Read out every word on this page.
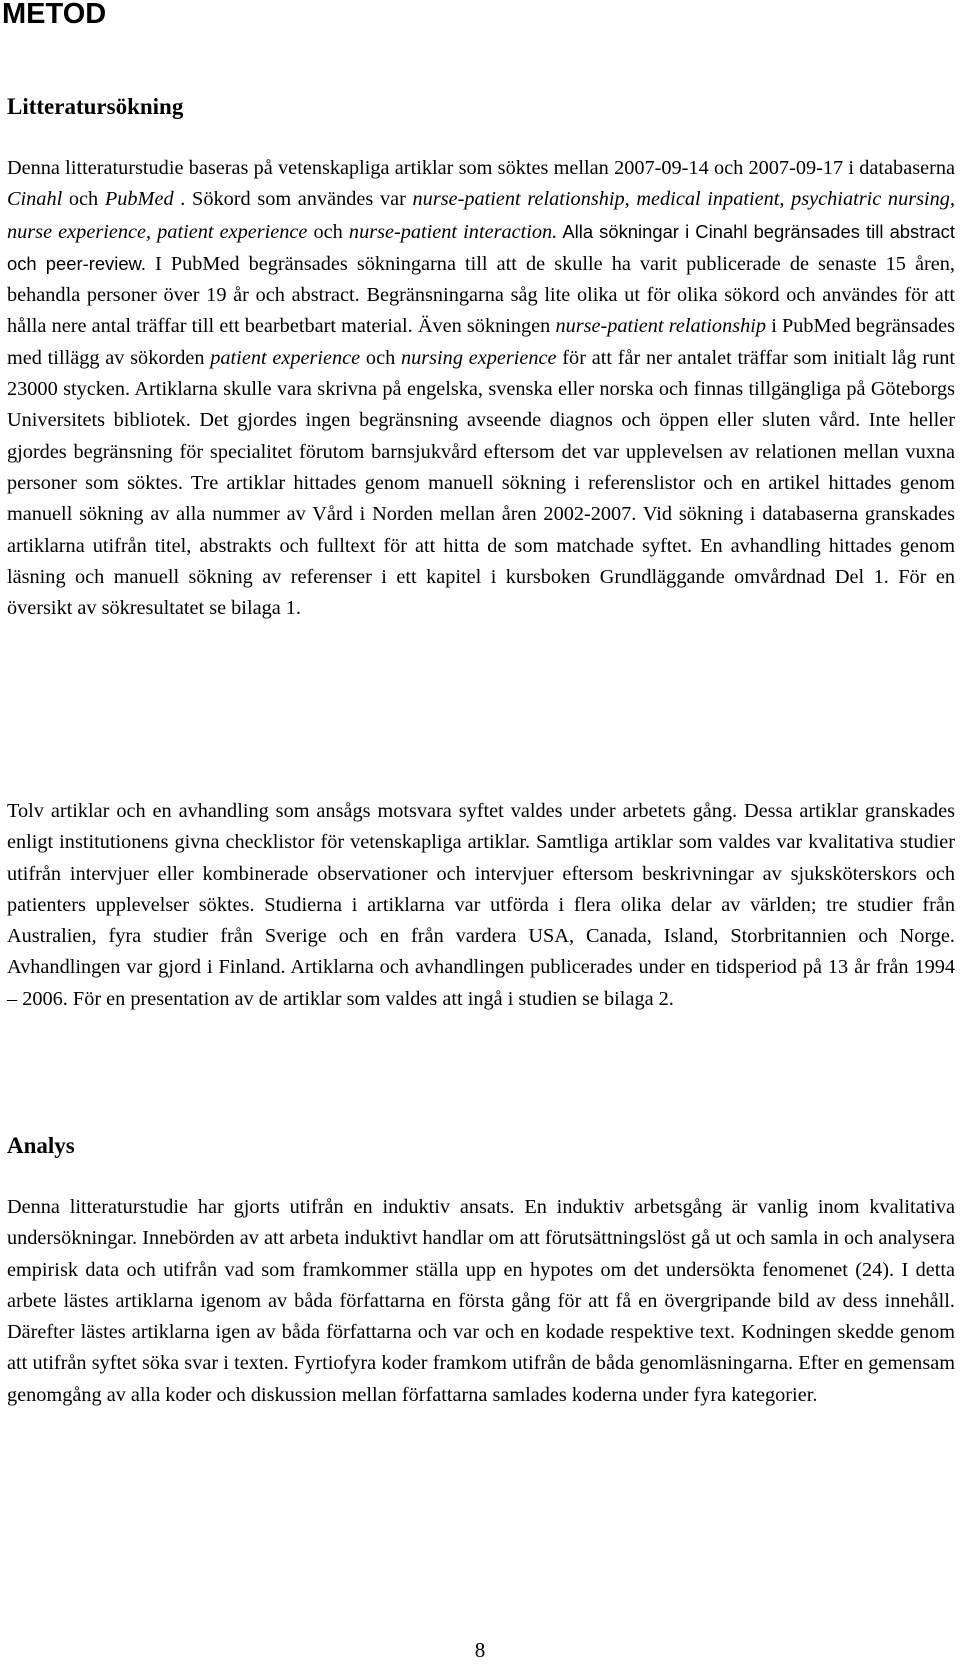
METOD
Litteratursökning

Denna litteraturstudie baseras på vetenskapliga artiklar som söktes mellan 2007-09-14 och 2007-09-17 i databaserna Cinahl och PubMed . Sökord som användes var nurse-patient relationship, medical inpatient, psychiatric nursing, nurse experience, patient experience och nurse-patient interaction. Alla sökningar i Cinahl begränsades till abstract och peer-review. I PubMed begränsades sökningarna till att de skulle ha varit publicerade de senaste 15 åren, behandla personer över 19 år och abstract. Begränsningarna såg lite olika ut för olika sökord och användes för att hålla nere antal träffar till ett bearbetbart material. Även sökningen nurse-patient relationship i PubMed begränsades med tillägg av sökorden patient experience och nursing experience för att får ner antalet träffar som initialt låg runt 23000 stycken. Artiklarna skulle vara skrivna på engelska, svenska eller norska och finnas tillgängliga på Göteborgs Universitets bibliotek. Det gjordes ingen begränsning avseende diagnos och öppen eller sluten vård. Inte heller gjordes begränsning för specialitet förutom barnsjukvård eftersom det var upplevelsen av relationen mellan vuxna personer som söktes. Tre artiklar hittades genom manuell sökning i referenslistor och en artikel hittades genom manuell sökning av alla nummer av Vård i Norden mellan åren 2002-2007. Vid sökning i databaserna granskades artiklarna utifrån titel, abstrakts och fulltext för att hitta de som matchade syftet. En avhandling hittades genom läsning och manuell sökning av referenser i ett kapitel i kursboken Grundläggande omvårdnad Del 1. För en översikt av sökresultatet se bilaga 1.

Tolv artiklar och en avhandling som ansågs motsvara syftet valdes under arbetets gång. Dessa artiklar granskades enligt institutionens givna checklistor för vetenskapliga artiklar. Samtliga artiklar som valdes var kvalitativa studier utifrån intervjuer eller kombinerade observationer och intervjuer eftersom beskrivningar av sjuksköterskors och patienters upplevelser söktes. Studierna i artiklarna var utförda i flera olika delar av världen; tre studier från Australien, fyra studier från Sverige och en från vardera USA, Canada, Island, Storbritannien och Norge. Avhandlingen var gjord i Finland. Artiklarna och avhandlingen publicerades under en tidsperiod på 13 år från 1994 – 2006. För en presentation av de artiklar som valdes att ingå i studien se bilaga 2.

Analys

Denna litteraturstudie har gjorts utifrån en induktiv ansats. En induktiv arbetsgång är vanlig inom kvalitativa undersökningar. Innebörden av att arbeta induktivt handlar om att förutsättningslöst gå ut och samla in och analysera empirisk data och utifrån vad som framkommer ställa upp en hypotes om det undersökta fenomenet (24). I detta arbete lästes artiklarna igenom av båda författarna en första gång för att få en övergripande bild av dess innehåll. Därefter lästes artiklarna igen av båda författarna och var och en kodade respektive text. Kodningen skedde genom att utifrån syftet söka svar i texten. Fyrtiofyra koder framkom utifrån de båda genomläsningarna. Efter en gemensam genomgång av alla koder och diskussion mellan författarna samlades koderna under fyra kategorier.

8
